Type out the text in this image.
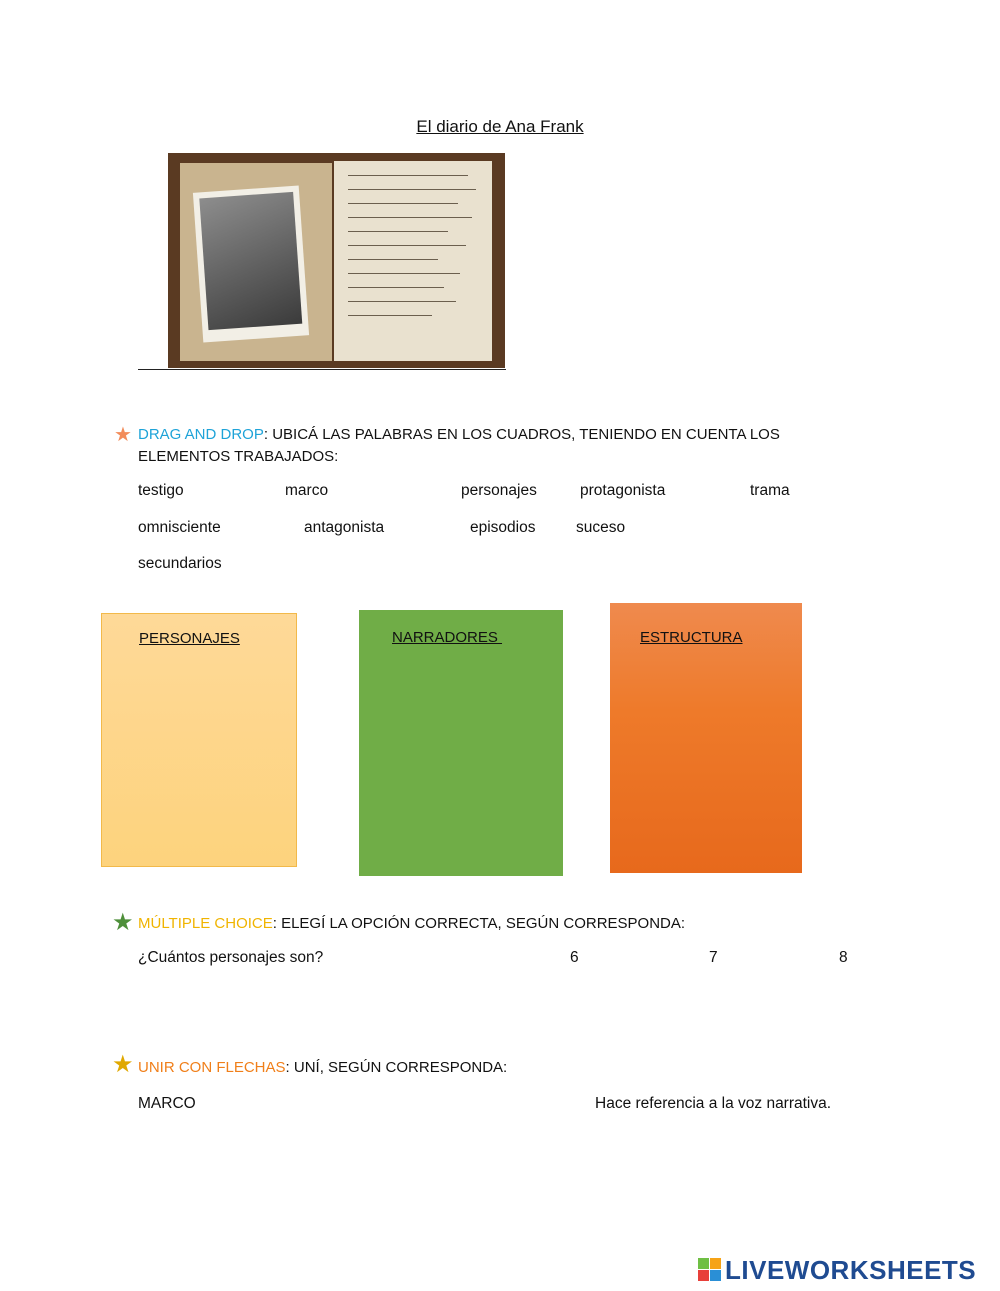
El diario de Ana Frank
★ DRAG AND DROP: UBICÁ LAS PALABRAS EN LOS CUADROS, TENIENDO EN CUENTA LOS
ELEMENTOS TRABAJADOS:
testigo	marco	personajes	protagonista	trama
omnisciente	antagonista	episodios	suceso
secundarios
PERSONAJES	NARRADORES	ESTRUCTURA
★ MÚLTIPLE CHOICE: ELEGÍ LA OPCIÓN CORRECTA, SEGÚN CORRESPONDA:
¿Cuántos personajes son?	6	7	8
★ UNIR CON FLECHAS: UNÍ, SEGÚN CORRESPONDA:
MARCO	Hace referencia a la voz narrativa.
LIVEWORKSHEETS
